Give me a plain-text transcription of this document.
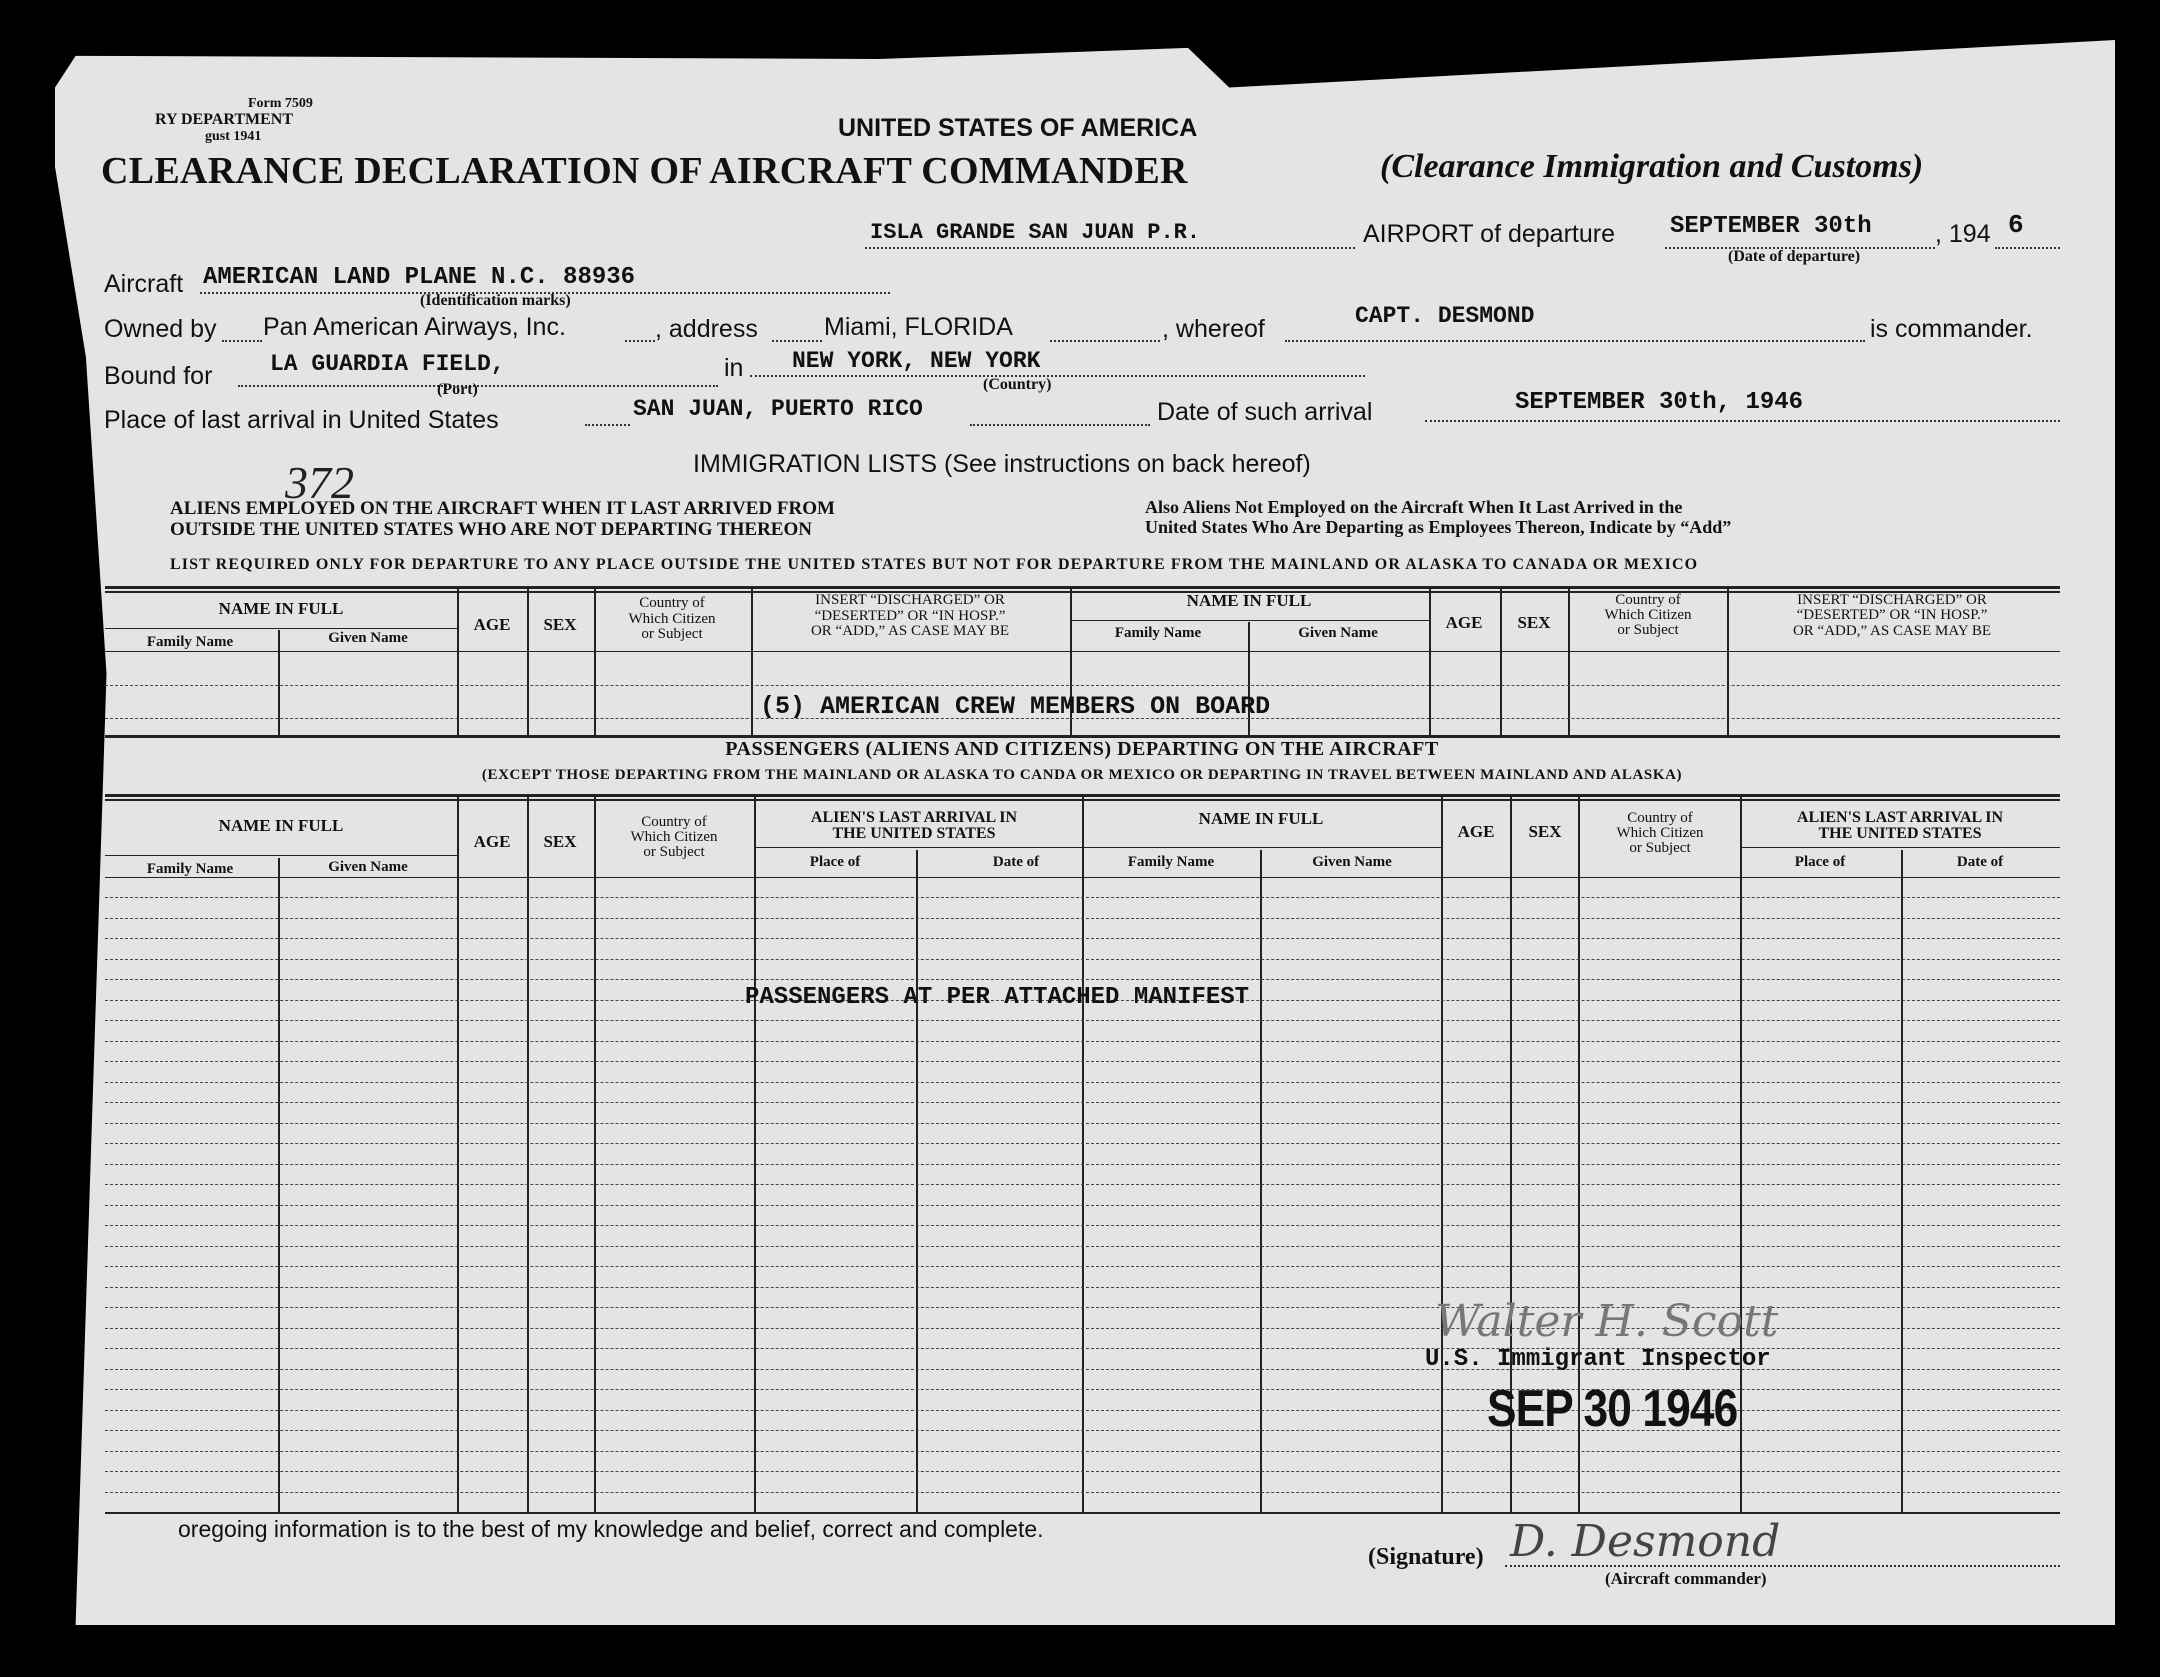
Form 7509
RY DEPARTMENT
gust 1941	UNITED STATES OF AMERICA
CLEARANCE DECLARATION OF AIRCRAFT COMMANDER	(Clearance Immigration and Customs)
ISLA GRANDE SAN JUAN P.R.	AIRPORT of departure SEPTEMBER 30th	, 194 6
(Date of departure)
Aircraft AMERICAN LAND PLANE N.C. 88936
(Identification marks)
Owned by Pan American Airways, Inc.	, address	Miami, FLORIDA	, whereof	CAPT. DESMOND	is commander.
Bound for	LA GUARDIA FIELD,	in NEW YORK, NEW YORK
(Port)	(Country)
Place of last arrival in United States	SAN JUAN, PUERTO RICO	Date of such arrival	SEPTEMBER 30th, 1946
372	IMMIGRATION LISTS (See instructions on back hereof)
ALIENS EMPLOYED ON THE AIRCRAFT WHEN IT LAST ARRIVED FROM
OUTSIDE THE UNITED STATES WHO ARE NOT DEPARTING THEREON
Also Aliens Not Employed on the Aircraft When It Last Arrived in the
United States Who Are Departing as Employees Thereon, Indicate by “Add”
LIST REQUIRED ONLY FOR DEPARTURE TO ANY PLACE OUTSIDE THE UNITED STATES BUT NOT FOR DEPARTURE FROM THE MAINLAND OR ALASKA TO CANADA OR MEXICO
NAME IN FULL
Family Name	Given Name
AGE SEX
Country of
Which Citizen
or Subject
INSERT “DISCHARGED” OR
“DESERTED” OR “IN HOSP.”
OR “ADD,” AS CASE MAY BE
NAME IN FULL
Family Name	Given Name
AGE SEX
Country of
Which Citizen
or Subject
INSERT “DISCHARGED” OR
“DESERTED” OR “IN HOSP.”
OR “ADD,” AS CASE MAY BE
(5) AMERICAN CREW MEMBERS ON BOARD
PASSENGERS (ALIENS AND CITIZENS) DEPARTING ON THE AIRCRAFT
(EXCEPT THOSE DEPARTING FROM THE MAINLAND OR ALASKA TO CANDA OR MEXICO OR DEPARTING IN TRAVEL BETWEEN MAINLAND AND ALASKA)
NAME IN FULL
Family Name	Given Name
AGE SEX
Country of
Which Citizen
or Subject
ALIEN'S LAST ARRIVAL IN
THE UNITED STATES
Place of	Date of
NAME IN FULL
Family Name	Given Name
AGE SEX
Country of
Which Citizen
or Subject
ALIEN'S LAST ARRIVAL IN
THE UNITED STATES
Place of	Date of
PASSENGERS AT PER ATTACHED MANIFEST
Walter H. Scott
U.S. Immigrant Inspector
SEP 30 1946
oregoing information is to the best of my knowledge and belief, correct and complete.
(Signature) D. Desmond
(Aircraft commander)
